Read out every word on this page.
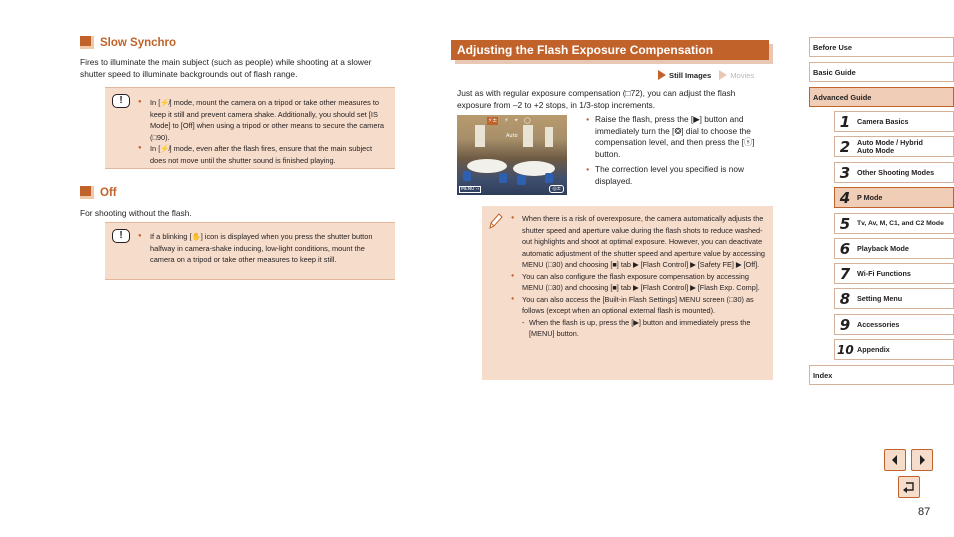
Slow Synchro
Fires to illuminate the main subject (such as people) while shooting at a slower shutter speed to illuminate backgrounds out of flash range.
!	● In [⚡̸] mode, mount the camera on a tripod or take other measures to keep it still and prevent camera shake. Additionally, you should set [IS Mode] to [Off] when using a tripod or other means to secure the camera (□90).
● In [⚡̸] mode, even after the flash fires, ensure that the main subject does not move until the shutter sound is finished playing.
Off
For shooting without the flash.
!	● If a blinking [✋] icon is displayed when you press the shutter button halfway in camera-shake inducing, low-light conditions, mount the camera on a tripod or take other measures to keep it still.
Adjusting the Flash Exposure Compensation
Still Images	Movies
Just as with regular exposure compensation (□72), you can adjust the flash exposure from –2 to +2 stops, in 1/3-stop increments.
⚡± ⚡ ⌖ ◯
Auto
MENU ‹›	◎±
● Raise the flash, press the [▶] button and immediately turn the [❂] dial to choose the compensation level, and then press the [ⓢ] button.
● The correction level you specified is now displayed.
● When there is a risk of overexposure, the camera automatically adjusts the shutter speed and aperture value during the flash shots to reduce washed-out highlights and shoot at optimal exposure. However, you can deactivate automatic adjustment of the shutter speed and aperture value by accessing MENU (□30) and choosing [■] tab ▶ [Flash Control] ▶ [Safety FE] ▶ [Off].
● You can also configure the flash exposure compensation by accessing MENU (□30) and choosing [■] tab ▶ [Flash Control] ▶ [Flash Exp. Comp].
● You can also access the [Built-in Flash Settings] MENU screen (□30) as follows (except when an optional external flash is mounted).
- When the flash is up, press the [▶] button and immediately press the [MENU] button.
Before Use
Basic Guide
Advanced Guide
1 Camera Basics
2 Auto Mode / Hybrid Auto Mode
3 Other Shooting Modes
4 P Mode
5 Tv, Av, M, C1, and C2 Mode
6 Playback Mode
7 Wi-Fi Functions
8 Setting Menu
9 Accessories
10 Appendix
Index
87
